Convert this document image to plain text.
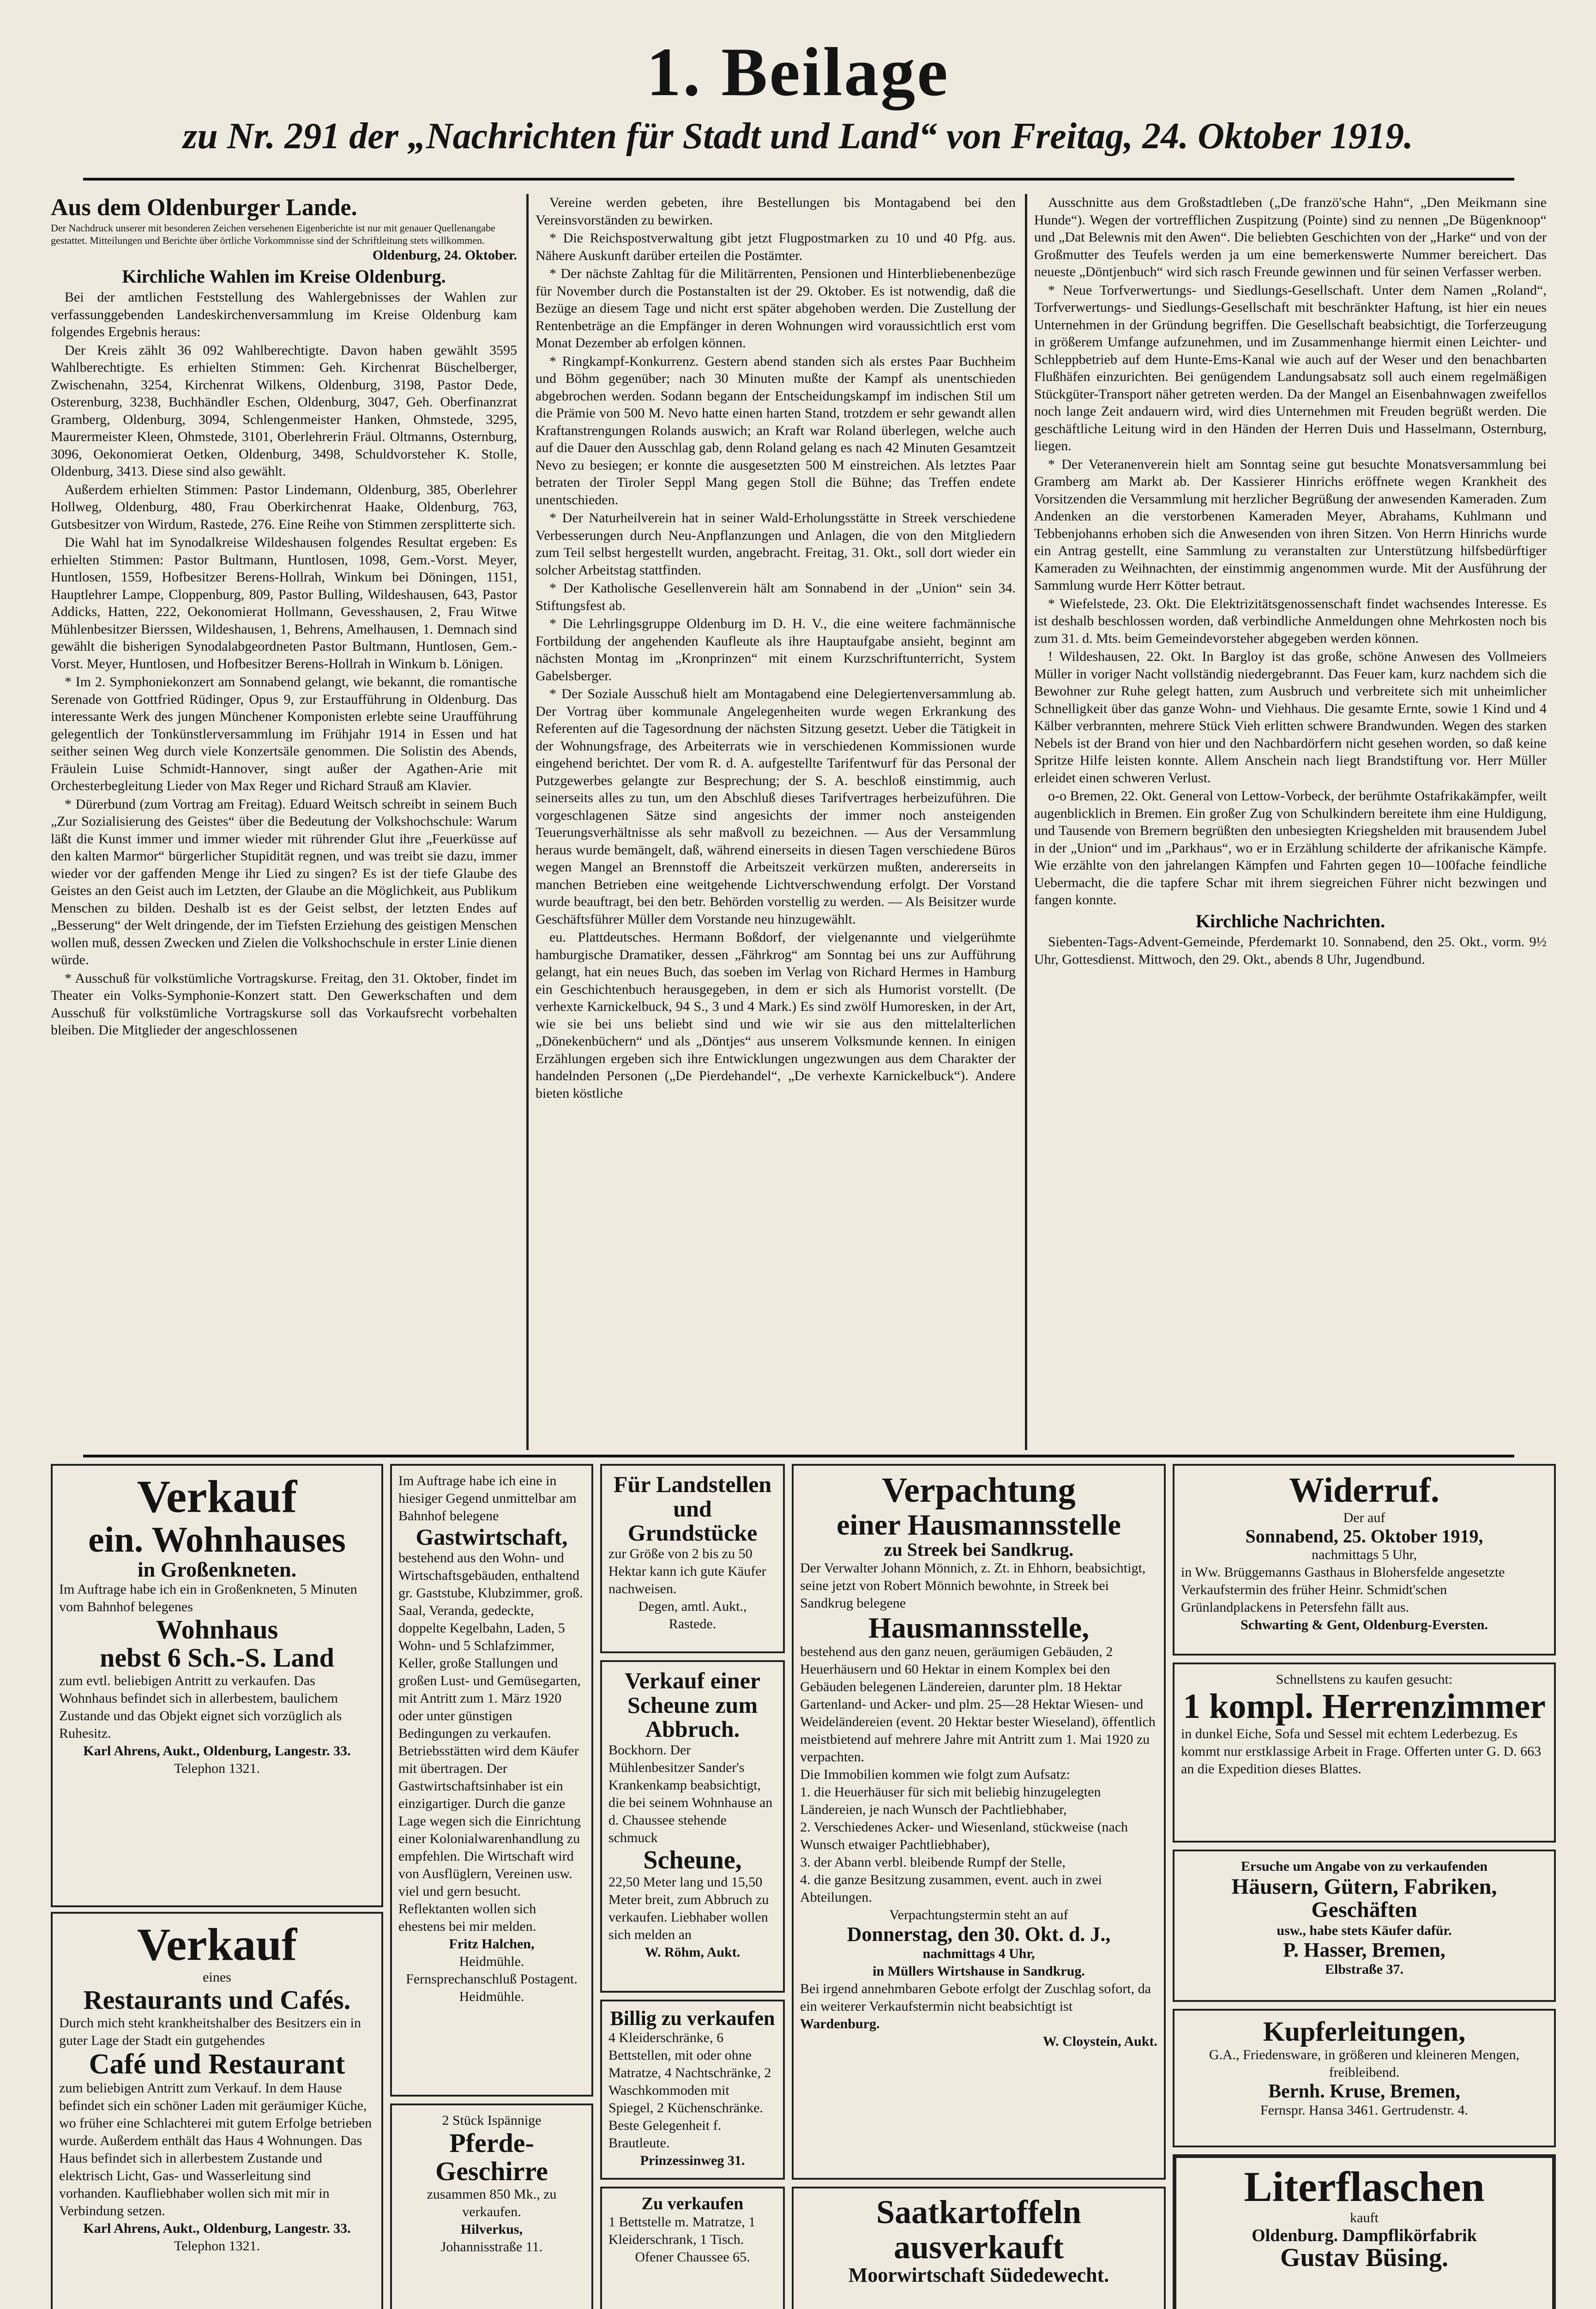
1. Beilage
zu Nr. 291 der „Nachrichten für Stadt und Land“ von Freitag, 24. Oktober 1919.
Aus dem Oldenburger Lande.
Der Nachdruck unserer mit besonderen Zeichen versehenen Eigenberichte ist nur mit genauer Quellenangabe gestattet. Mitteilungen und Berichte über örtliche Vorkommnisse sind der Schriftleitung stets willkommen.
Oldenburg, 24. Oktober.
Kirchliche Wahlen im Kreise Oldenburg.

Bei der amtlichen Feststellung des Wahlergebnisses der Wahlen zur verfassunggebenden Landeskirchenversammlung im Kreise Oldenburg kam folgendes Ergebnis heraus:

Der Kreis zählt 36 092 Wahlberechtigte. Davon haben gewählt 3595 Wahlberechtigte. Es erhielten Stimmen: Geh. Kirchenrat Büschelberger, Zwischenahn, 3254, Kirchenrat Wilkens, Oldenburg, 3198, Pastor Dede, Osterenburg, 3238, Buchhändler Eschen, Oldenburg, 3047, Geh. Oberfinanzrat Gramberg, Oldenburg, 3094, Schlengenmeister Hanken, Ohmstede, 3295, Maurermeister Kleen, Ohmstede, 3101, Oberlehrerin Fräul. Oltmanns, Osternburg, 3096, Oekonomierat Oetken, Oldenburg, 3498, Schuldvorsteher K. Stolle, Oldenburg, 3413. Diese sind also gewählt.

Außerdem erhielten Stimmen: Pastor Lindemann, Oldenburg, 385, Oberlehrer Hollweg, Oldenburg, 480, Frau Oberkirchenrat Haake, Oldenburg, 763, Gutsbesitzer von Wirdum, Rastede, 276. Eine Reihe von Stimmen zersplitterte sich.

Die Wahl hat im Synodalkreise Wildeshausen folgendes Resultat ergeben: Es erhielten Stimmen: Pastor Bultmann, Huntlosen, 1098, Gem.-Vorst. Meyer, Huntlosen, 1559, Hofbesitzer Berens-Hollrah, Winkum bei Döningen, 1151, Hauptlehrer Lampe, Cloppenburg, 809, Pastor Bulling, Wildeshausen, 643, Pastor Addicks, Hatten, 222, Oekonomierat Hollmann, Gevesshausen, 2, Frau Witwe Mühlenbesitzer Bierssen, Wildeshausen, 1, Behrens, Amelhausen, 1. Demnach sind gewählt die bisherigen Synodalabgeordneten Pastor Bultmann, Huntlosen, Gem.-Vorst. Meyer, Huntlosen, und Hofbesitzer Berens-Hollrah in Winkum b. Lönigen.

* Im 2. Symphoniekonzert am Sonnabend gelangt, wie bekannt, die romantische Serenade von Gottfried Rüdinger, Opus 9, zur Erstaufführung in Oldenburg. Das interessante Werk des jungen Münchener Komponisten erlebte seine Uraufführung gelegentlich der Tonkünstlerversammlung im Frühjahr 1914 in Essen und hat seither seinen Weg durch viele Konzertsäle genommen. Die Solistin des Abends, Fräulein Luise Schmidt-Hannover, singt außer der Agathen-Arie mit Orchesterbegleitung Lieder von Max Reger und Richard Strauß am Klavier.

* Dürerbund (zum Vortrag am Freitag). Eduard Weitsch schreibt in seinem Buch „Zur Sozialisierung des Geistes“ über die Bedeutung der Volkshochschule: Warum läßt die Kunst immer und immer wieder mit rührender Glut ihre „Feuerküsse auf den kalten Marmor“ bürgerlicher Stupidität regnen, und was treibt sie dazu, immer wieder vor der gaffenden Menge ihr Lied zu singen? Es ist der tiefe Glaube des Geistes an den Geist auch im Letzten, der Glaube an die Möglichkeit, aus Publikum Menschen zu bilden. Deshalb ist es der Geist selbst, der letzten Endes auf „Besserung“ der Welt dringende, der im Tiefsten Erziehung des geistigen Menschen wollen muß, dessen Zwecken und Zielen die Volkshochschule in erster Linie dienen würde.

* Ausschuß für volkstümliche Vortragskurse. Freitag, den 31. Oktober, findet im Theater ein Volks-Symphonie-Konzert statt. Den Gewerkschaften und dem Ausschuß für volkstümliche Vortragskurse soll das Vorkaufsrecht vorbehalten bleiben. Die Mitglieder der angeschlossenen

Vereine werden gebeten, ihre Bestellungen bis Montagabend bei den Vereinsvorständen zu bewirken.

* Die Reichspostverwaltung gibt jetzt Flugpostmarken zu 10 und 40 Pfg. aus. Nähere Auskunft darüber erteilen die Postämter.

* Der nächste Zahltag für die Militärrenten, Pensionen und Hinterbliebenenbezüge für November durch die Postanstalten ist der 29. Oktober. Es ist notwendig, daß die Bezüge an diesem Tage und nicht erst später abgehoben werden. Die Zustellung der Rentenbeträge an die Empfänger in deren Wohnungen wird voraussichtlich erst vom Monat Dezember ab erfolgen können.

* Ringkampf-Konkurrenz. Gestern abend standen sich als erstes Paar Buchheim und Böhm gegenüber; nach 30 Minuten mußte der Kampf als unentschieden abgebrochen werden. Sodann begann der Entscheidungskampf im indischen Stil um die Prämie von 500 M. Nevo hatte einen harten Stand, trotzdem er sehr gewandt allen Kraftanstrengungen Rolands auswich; an Kraft war Roland überlegen, welche auch auf die Dauer den Ausschlag gab, denn Roland gelang es nach 42 Minuten Gesamtzeit Nevo zu besiegen; er konnte die ausgesetzten 500 M einstreichen. Als letztes Paar betraten der Tiroler Seppl Mang gegen Stoll die Bühne; das Treffen endete unentschieden.

* Der Naturheilverein hat in seiner Wald-Erholungsstätte in Streek verschiedene Verbesserungen durch Neu-Anpflanzungen und Anlagen, die von den Mitgliedern zum Teil selbst hergestellt wurden, angebracht. Freitag, 31. Okt., soll dort wieder ein solcher Arbeitstag stattfinden.

* Der Katholische Gesellenverein hält am Sonnabend in der „Union“ sein 34. Stiftungsfest ab.

* Die Lehrlingsgruppe Oldenburg im D. H. V., die eine weitere fachmännische Fortbildung der angehenden Kaufleute als ihre Hauptaufgabe ansieht, beginnt am nächsten Montag im „Kronprinzen“ mit einem Kurzschriftunterricht, System Gabelsberger.

* Der Soziale Ausschuß hielt am Montagabend eine Delegiertenversammlung ab. Der Vortrag über kommunale Angelegenheiten wurde wegen Erkrankung des Referenten auf die Tagesordnung der nächsten Sitzung gesetzt. Ueber die Tätigkeit in der Wohnungsfrage, des Arbeiterrats wie in verschiedenen Kommissionen wurde eingehend berichtet. Der vom R. d. A. aufgestellte Tarifentwurf für das Personal der Putzgewerbes gelangte zur Besprechung; der S. A. beschloß einstimmig, auch seinerseits alles zu tun, um den Abschluß dieses Tarifvertrages herbeizuführen. Die vorgeschlagenen Sätze sind angesichts der immer noch ansteigenden Teuerungsverhältnisse als sehr maßvoll zu bezeichnen. — Aus der Versammlung heraus wurde bemängelt, daß, während einerseits in diesen Tagen verschiedene Büros wegen Mangel an Brennstoff die Arbeitszeit verkürzen mußten, andererseits in manchen Betrieben eine weitgehende Lichtverschwendung erfolgt. Der Vorstand wurde beauftragt, bei den betr. Behörden vorstellig zu werden. — Als Beisitzer wurde Geschäftsführer Müller dem Vorstande neu hinzugewählt.

eu. Plattdeutsches. Hermann Boßdorf, der vielgenannte und vielgerühmte hamburgische Dramatiker, dessen „Fährkrog“ am Sonntag bei uns zur Aufführung gelangt, hat ein neues Buch, das soeben im Verlag von Richard Hermes in Hamburg ein Geschichtenbuch herausgegeben, in dem er sich als Humorist vorstellt. (De verhexte Karnickelbuck, 94 S., 3 und 4 Mark.) Es sind zwölf Humoresken, in der Art, wie sie bei uns beliebt sind und wie wir sie aus den mittelalterlichen „Dönekenbüchern“ und als „Döntjes“ aus unserem Volksmunde kennen. In einigen Erzählungen ergeben sich ihre Entwicklungen ungezwungen aus dem Charakter der handelnden Personen („De Pierdehandel“, „De verhexte Karnickelbuck“). Andere bieten köstliche

Ausschnitte aus dem Großstadtleben („De franzö'sche Hahn“, „Den Meikmann sine Hunde“). Wegen der vortrefflichen Zuspitzung (Pointe) sind zu nennen „De Bügenknoop“ und „Dat Belewnis mit den Awen“. Die beliebten Geschichten von der „Harke“ und von der Großmutter des Teufels werden ja um eine bemerkenswerte Nummer bereichert. Das neueste „Döntjenbuch“ wird sich rasch Freunde gewinnen und für seinen Verfasser werben.

* Neue Torfverwertungs- und Siedlungs-Gesellschaft. Unter dem Namen „Roland“, Torfverwertungs- und Siedlungs-Gesellschaft mit beschränkter Haftung, ist hier ein neues Unternehmen in der Gründung begriffen. Die Gesellschaft beabsichtigt, die Torferzeugung in größerem Umfange aufzunehmen, und im Zusammenhange hiermit einen Leichter- und Schleppbetrieb auf dem Hunte-Ems-Kanal wie auch auf der Weser und den benachbarten Flußhäfen einzurichten. Bei genügendem Landungsabsatz soll auch einem regelmäßigen Stückgüter-Transport näher getreten werden. Da der Mangel an Eisenbahnwagen zweifellos noch lange Zeit andauern wird, wird dies Unternehmen mit Freuden begrüßt werden. Die geschäftliche Leitung wird in den Händen der Herren Duis und Hasselmann, Osternburg, liegen.

* Der Veteranenverein hielt am Sonntag seine gut besuchte Monatsversammlung bei Gramberg am Markt ab. Der Kassierer Hinrichs eröffnete wegen Krankheit des Vorsitzenden die Versammlung mit herzlicher Begrüßung der anwesenden Kameraden. Zum Andenken an die verstorbenen Kameraden Meyer, Abrahams, Kuhlmann und Tebbenjohanns erhoben sich die Anwesenden von ihren Sitzen. Von Herrn Hinrichs wurde ein Antrag gestellt, eine Sammlung zu veranstalten zur Unterstützung hilfsbedürftiger Kameraden zu Weihnachten, der einstimmig angenommen wurde. Mit der Ausführung der Sammlung wurde Herr Kötter betraut.

* Wiefelstede, 23. Okt. Die Elektrizitätsgenossenschaft findet wachsendes Interesse. Es ist deshalb beschlossen worden, daß verbindliche Anmeldungen ohne Mehrkosten noch bis zum 31. d. Mts. beim Gemeindevorsteher abgegeben werden können.

! Wildeshausen, 22. Okt. In Bargloy ist das große, schöne Anwesen des Vollmeiers Müller in voriger Nacht vollständig niedergebrannt. Das Feuer kam, kurz nachdem sich die Bewohner zur Ruhe gelegt hatten, zum Ausbruch und verbreitete sich mit unheimlicher Schnelligkeit über das ganze Wohn- und Viehhaus. Die gesamte Ernte, sowie 1 Kind und 4 Kälber verbrannten, mehrere Stück Vieh erlitten schwere Brandwunden. Wegen des starken Nebels ist der Brand von hier und den Nachbardörfern nicht gesehen worden, so daß keine Spritze Hilfe leisten konnte. Allem Anschein nach liegt Brandstiftung vor. Herr Müller erleidet einen schweren Verlust.

o-o Bremen, 22. Okt. General von Lettow-Vorbeck, der berühmte Ostafrikakämpfer, weilt augenblicklich in Bremen. Ein großer Zug von Schulkindern bereitete ihm eine Huldigung, und Tausende von Bremern begrüßten den unbesiegten Kriegshelden mit brausendem Jubel in der „Union“ und im „Parkhaus“, wo er in Erzählung schilderte der afrikanische Kämpfe. Wie erzählte von den jahrelangen Kämpfen und Fahrten gegen 10—100fache feindliche Uebermacht, die die tapfere Schar mit ihrem siegreichen Führer nicht bezwingen und fangen konnte.

Kirchliche Nachrichten.

Siebenten-Tags-Advent-Gemeinde, Pferdemarkt 10. Sonnabend, den 25. Okt., vorm. 9½ Uhr, Gottesdienst. Mittwoch, den 29. Okt., abends 8 Uhr, Jugendbund.

Verkauf
ein. Wohnhauses
in Großenkneten.
Im Auftrage habe ich ein in Großenkneten, 5 Minuten vom Bahnhof belegenes
Wohnhaus
nebst 6 Sch.-S. Land
zum evtl. beliebigen Antritt zu verkaufen. Das Wohnhaus befindet sich in allerbestem, baulichem Zustande und das Objekt eignet sich vorzüglich als Ruhesitz.
Karl Ahrens, Aukt., Oldenburg, Langestr. 33.
Telephon 1321.
Verkauf
eines
Restaurants und Cafés.
Durch mich steht krankheitshalber des Besitzers ein in guter Lage der Stadt ein gutgehendes
Café und Restaurant
zum beliebigen Antritt zum Verkauf. In dem Hause befindet sich ein schöner Laden mit geräumiger Küche, wo früher eine Schlachterei mit gutem Erfolge betrieben wurde. Außerdem enthält das Haus 4 Wohnungen. Das Haus befindet sich in allerbestem Zustande und elektrisch Licht, Gas- und Wasserleitung sind vorhanden. Kaufliebhaber wollen sich mit mir in Verbindung setzen.
Karl Ahrens, Aukt., Oldenburg, Langestr. 33.
Telephon 1321.
Im Auftrage habe ich eine in hiesiger Gegend unmittelbar am Bahnhof belegene
Gastwirtschaft,
bestehend aus den Wohn- und Wirtschaftsgebäuden, enthaltend gr. Gaststube, Klubzimmer, groß. Saal, Veranda, gedeckte, doppelte Kegelbahn, Laden, 5 Wohn- und 5 Schlafzimmer, Keller, große Stallungen und großen Lust- und Gemüsegarten, mit Antritt zum 1. März 1920 oder unter günstigen Bedingungen zu verkaufen. Betriebsstätten wird dem Käufer mit übertragen. Der Gastwirtschaftsinhaber ist ein einzigartiger. Durch die ganze Lage wegen sich die Einrichtung einer Kolonialwarenhandlung zu empfehlen. Die Wirtschaft wird von Ausflüglern, Vereinen usw. viel und gern besucht. Reflektanten wollen sich ehestens bei mir melden.
Fritz Halchen,
Heidmühle.
Fernsprechanschluß Postagent. Heidmühle.
2 Stück Ispännige
Pferde-Geschirre
zusammen 850 Mk., zu verkaufen.
Hilverkus,
Johannisstraße 11.
Für Landstellen und Grundstücke
zur Größe von 2 bis zu 50 Hektar kann ich gute Käufer nachweisen.
Degen, amtl. Aukt.,
Rastede.
Verkauf einer Scheune zum Abbruch.
Bockhorn. Der Mühlenbesitzer Sander's Krankenkamp beabsichtigt, die bei seinem Wohnhause an d. Chaussee stehende schmuck
Scheune,
22,50 Meter lang und 15,50 Meter breit, zum Abbruch zu verkaufen. Liebhaber wollen sich melden an
W. Röhm, Aukt.
Billig zu verkaufen
4 Kleiderschränke, 6 Bettstellen, mit oder ohne Matratze, 4 Nachtschränke, 2 Waschkommoden mit Spiegel, 2 Küchenschränke. Beste Gelegenheit f. Brautleute.
Prinzessinweg 31.
Zu verkaufen
1 Bettstelle m. Matratze, 1 Kleiderschrank, 1 Tisch.
Ofener Chaussee 65.
Verpachtung
einer Hausmannsstelle
zu Streek bei Sandkrug.
Der Verwalter Johann Mönnich, z. Zt. in Ehhorn, beabsichtigt, seine jetzt von Robert Mönnich bewohnte, in Streek bei Sandkrug belegene
Hausmannsstelle,
bestehend aus den ganz neuen, geräumigen Gebäuden, 2 Heuerhäusern und 60 Hektar in einem Komplex bei den Gebäuden belegenen Ländereien, darunter plm. 18 Hektar Gartenland- und Acker- und plm. 25—28 Hektar Wiesen- und Weideländereien (event. 20 Hektar bester Wieseland), öffentlich meistbietend auf mehrere Jahre mit Antritt zum 1. Mai 1920 zu verpachten.
Die Immobilien kommen wie folgt zum Aufsatz:
1. die Heuerhäuser für sich mit beliebig hinzugelegten Ländereien, je nach Wunsch der Pachtliebhaber,
2. Verschiedenes Acker- und Wiesenland, stückweise (nach Wunsch etwaiger Pachtliebhaber),
3. der Abann verbl. bleibende Rumpf der Stelle,
4. die ganze Besitzung zusammen, event. auch in zwei Abteilungen.
Verpachtungstermin steht an auf
Donnerstag, den 30. Okt. d. J.,
nachmittags 4 Uhr,
in Müllers Wirtshause in Sandkrug.
Bei irgend annehmbaren Gebote erfolgt der Zuschlag sofort, da ein weiterer Verkaufstermin nicht beabsichtigt ist
Wardenburg.
W. Cloystein, Aukt.
Saatkartoffeln ausverkauft
Moorwirtschaft Südedewecht.
Widerruf.
Der auf
Sonnabend, 25. Oktober 1919,
nachmittags 5 Uhr,
in Ww. Brüggemanns Gasthaus in Blohersfelde angesetzte Verkaufstermin des früher Heinr. Schmidt'schen Grünlandplackens in Petersfehn fällt aus.
Schwarting & Gent, Oldenburg-Eversten.
Schnellstens zu kaufen gesucht:
1 kompl. Herrenzimmer
in dunkel Eiche, Sofa und Sessel mit echtem Lederbezug. Es kommt nur erstklassige Arbeit in Frage. Offerten unter G. D. 663 an die Expedition dieses Blattes.
Ersuche um Angabe von zu verkaufenden
Häusern, Gütern, Fabriken, Geschäften
usw., habe stets Käufer dafür.
P. Hasser, Bremen,
Elbstraße 37.
Kupferleitungen,
G.A., Friedensware, in größeren und kleineren Mengen, freibleibend.
Bernh. Kruse, Bremen,
Fernspr. Hansa 3461. Gertrudenstr. 4.
Literflaschen
kauft
Oldenburg. Dampflikörfabrik
Gustav Büsing.
